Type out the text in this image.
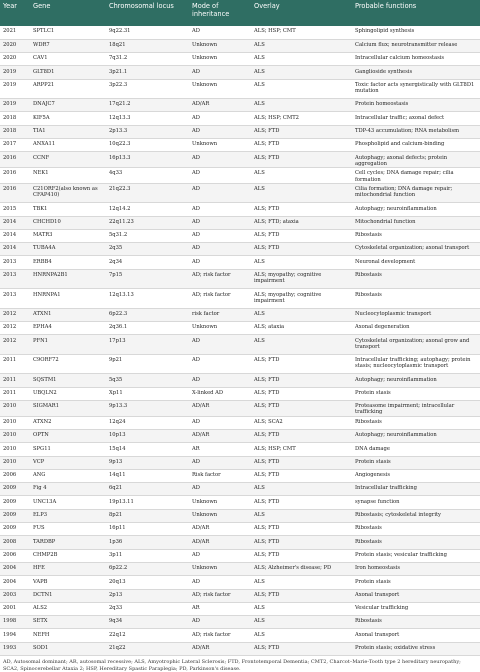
Year	Gene	Chromosomal locus	Mode of inheritance	Overlay	Probable functions
2021	SPTLC1	9q22.31	AD	ALS; HSP; CMT	Sphingolipid synthesis
2020	WDR7	18q21	Unknown	ALS	Calcium flux; neurotransmitter release
2020	CAV1	7q31.2	Unknown	ALS	Intracellular calcium homeostasis
2019	GLT8D1	3p21.1	AD	ALS	Ganglioside synthesis
2019	ARPP21	3p22.3	Unknown	ALS	Toxic factor acts synergistically with GLT8D1 mutation
2019	DNAJC7	17q21.2	AD/AR	ALS	Protein homeostasis
2018	KIF5A	12q13.3	AD	ALS; HSP; CMT2	Intracellular traffic; axonal defect
2018	TIA1	2p13.3	AD	ALS; FTD	TDP-43 accumulation; RNA metabolism
2017	ANXA11	10q22.3	Unknown	ALS; FTD	Phospholipid and calcium-binding
2016	CCNF	16p13.3	AD	ALS; FTD	Autophagy; axonal defects; protein aggregation
2016	NEK1	4q33	AD	ALS	Cell cycles; DNA damage repair; cilia formation
2016	C21ORF2(also known as CFAP410)	21q22.3	AD	ALS	Cilia formation; DNA damage repair; mitochondrial function
2015	TBK1	12q14.2	AD	ALS; FTD	Autophagy; neuroinflammation
2014	CHCHD10	22q11.23	AD	ALS; FTD; ataxia	Mitochondrial function
2014	MATR3	5q31.2	AD	ALS; FTD	Ribostasis
2014	TUBA4A	2q35	AD	ALS; FTD	Cytoskeletal organization; axonal transport
2013	ERBB4	2q34	AD	ALS	Neuronal development
2013	HNRNPA2B1	7p15	AD; risk factor	ALS; myopathy; cognitive impairment	Ribostasis
2013	HNRNPA1	12q13.13	AD; risk factor	ALS; myopathy; cognitive impairment	Ribostasis
2012	ATXN1	6p22.3	risk factor	ALS	Nucleocytoplasmic transport
2012	EPHA4	2q36.1	Unknown	ALS; ataxia	Axonal degeneration
2012	PFN1	17p13	AD	ALS	Cytoskeletal organization; axonal grow and transport
2011	C9ORF72	9p21	AD	ALS; FTD	Intracellular trafficking; autophagy; protein stasis; nucleocytoplasmic transport
2011	SQSTM1	5q35	AD	ALS; FTD	Autophagy; neuroinflammation
2011	UBQLN2	Xp11	X-linked AD	ALS; FTD	Protein stasis
2010	SIGMAR1	9p13.3	AD/AR	ALS; FTD	Proteasome impairment; intracellular trafficking
2010	ATXN2	12q24	AD	ALS; SCA2	Ribostasis
2010	OPTN	10p13	AD/AR	ALS; FTD	Autophagy; neuroinflammation
2010	SPG11	15q14	AR	ALS; HSP; CMT	DNA damage
2010	VCP	9p13	AD	ALS; FTD	Protein stasis
2006	ANG	14q11	Risk factor	ALS; FTD	Angiogenesis
2009	Fig 4	6q21	AD	ALS	Intracellular trafficking
2009	UNC13A	19p13.11	Unknown	ALS; FTD	synapse function
2009	ELP3	8p21	Unknown	ALS	Ribostasis; cytoskeletal integrity
2009	FUS	16p11	AD/AR	ALS; FTD	Ribostasis
2008	TARDBP	1p36	AD/AR	ALS; FTD	Ribostasis
2006	CHMP2B	3p11	AD	ALS; FTD	Protein stasis; vesicular trafficking
2004	HFE	6p22.2	Unknown	ALS; Alzheimer's disease; PD	Iron homeostasis
2004	VAPB	20q13	AD	ALS	Protein stasis
2003	DCTN1	2p13	AD; risk factor	ALS; FTD	Axonal transport
2001	ALS2	2q33	AR	ALS	Vesicular trafficking
1998	SETX	9q34	AD	ALS	Ribostasis
1994	NEFH	22q12	AD; risk factor	ALS	Axonal transport
1993	SOD1	21q22	AD/AR	ALS; FTD	Protein stasis; oxidative stress
AD, Autosomal dominant; AR, autosomal recessive; ALS, Amyotrophic Lateral Sclerosis; FTD, Frontotemporal Dementia; CMT2, Charcot–Marie-Tooth type 2 hereditary neuropathy; SCA2, Spinocerebellar Ataxia 2; HSP, Hereditary Spastic Paraplegia; PD, Parkinson's disease.
